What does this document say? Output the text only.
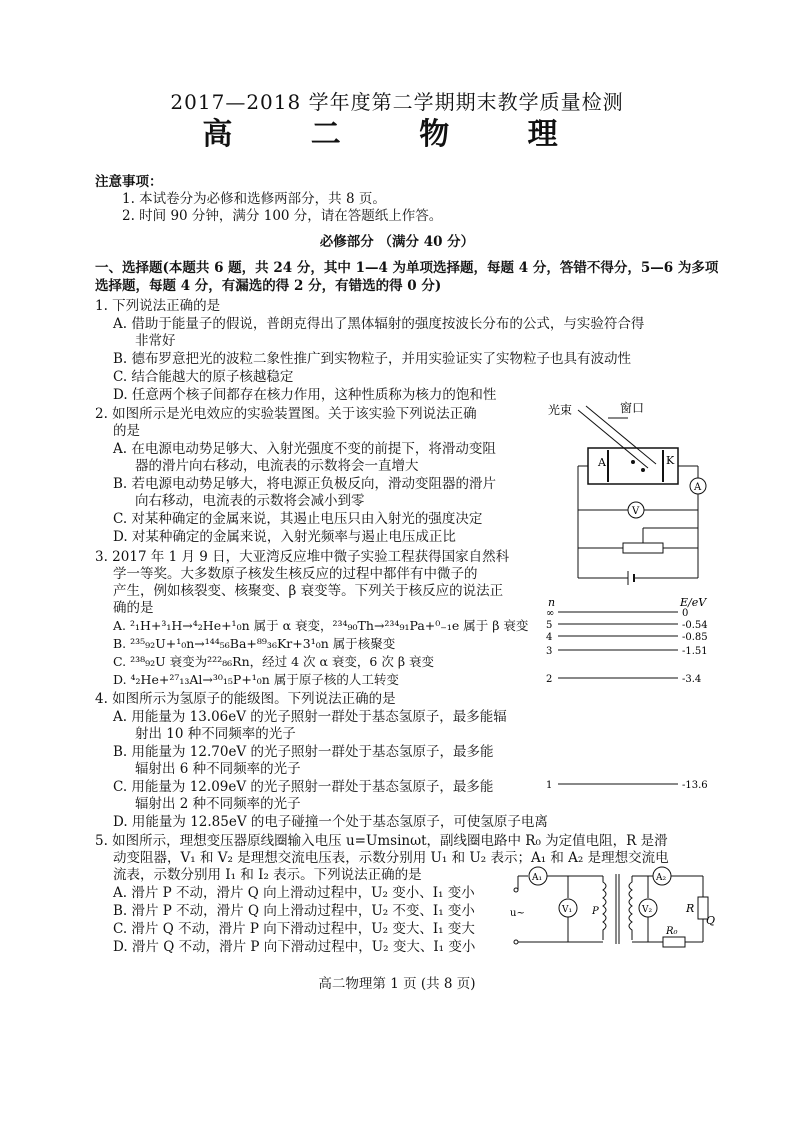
2017—2018 学年度第二学期期末教学质量检测
高 二 物 理
注意事项：
1. 本试卷分为必修和选修两部分，共 8 页。
2. 时间 90 分钟，满分 100 分，请在答题纸上作答。
必修部分 （满分 40 分）
一、选择题(本题共 6 题，共 24 分，其中 1—4 为单项选择题，每题 4 分，答错不得分，5—6 为多项
选择题，每题 4 分，有漏选的得 2 分，有错选的得 0 分)
1. 下列说法正确的是
A. 借助于能量子的假说，普朗克得出了黑体辐射的强度按波长分布的公式，与实验符合得
非常好
B. 德布罗意把光的波粒二象性推广到实物粒子，并用实验证实了实物粒子也具有波动性
C. 结合能越大的原子核越稳定
D. 任意两个核子间都存在核力作用，这种性质称为核力的饱和性
2. 如图所示是光电效应的实验装置图。关于该实验下列说法正确
的是
A. 在电源电动势足够大、入射光强度不变的前提下，将滑动变阻
器的滑片向右移动，电流表的示数将会一直增大
B. 若电源电动势足够大，将电源正负极反向，滑动变阻器的滑片
向右移动，电流表的示数将会减小到零
C. 对某种确定的金属来说，其遏止电压只由入射光的强度决定
D. 对某种确定的金属来说，入射光频率与遏止电压成正比
光束	窗口
A	K
A
V
3. 2017 年 1 月 9 日，大亚湾反应堆中微子实验工程获得国家自然科
学一等奖。大多数原子核发生核反应的过程中都伴有中微子的
产生，例如核裂变、核聚变、β 衰变等。下列关于核反应的说法正
确的是
A. ²₁H+³₁H→⁴₂He+¹₀n 属于 α 衰变，²³⁴₉₀Th→²³⁴₉₁Pa+⁰₋₁e 属于 β 衰变
B. ²³⁵₉₂U+¹₀n→¹⁴⁴₅₆Ba+⁸⁹₃₆Kr+3¹₀n 属于核聚变
C. ²³⁸₉₂U 衰变为²²²₈₆Rn，经过 4 次 α 衰变，6 次 β 衰变
D. ⁴₂He+²⁷₁₃Al→³⁰₁₅P+¹₀n 属于原子核的人工转变
n	E/eV
∞	0
5	-0.54
4	-0.85
3	-1.51
2	-3.4
1	-13.6
4. 如图所示为氢原子的能级图。下列说法正确的是
A. 用能量为 13.06eV 的光子照射一群处于基态氢原子，最多能辐
射出 10 种不同频率的光子
B. 用能量为 12.70eV 的光子照射一群处于基态氢原子，最多能
辐射出 6 种不同频率的光子
C. 用能量为 12.09eV 的光子照射一群处于基态氢原子，最多能
辐射出 2 种不同频率的光子
D. 用能量为 12.85eV 的电子碰撞一个处于基态氢原子，可使氢原子电离
5. 如图所示，理想变压器原线圈输入电压 u=Umsinωt，副线圈电路中 R₀ 为定值电阻，R 是滑
动变阻器，V₁ 和 V₂ 是理想交流电压表，示数分别用 U₁ 和 U₂ 表示；A₁ 和 A₂ 是理想交流电
流表，示数分别用 I₁ 和 I₂ 表示。下列说法正确的是
A. 滑片 P 不动，滑片 Q 向上滑动过程中，U₂ 变小、I₁ 变小
B. 滑片 P 不动，滑片 Q 向上滑动过程中，U₂ 不变、I₁ 变小
C. 滑片 Q 不动，滑片 P 向下滑动过程中，U₂ 变大、I₁ 变大
D. 滑片 Q 不动，滑片 P 向下滑动过程中，U₂ 变大、I₁ 变小
u~
A₁
V₁ P
A₂
V₂
R₀
R
Q
高二物理第 1 页 (共 8 页)
